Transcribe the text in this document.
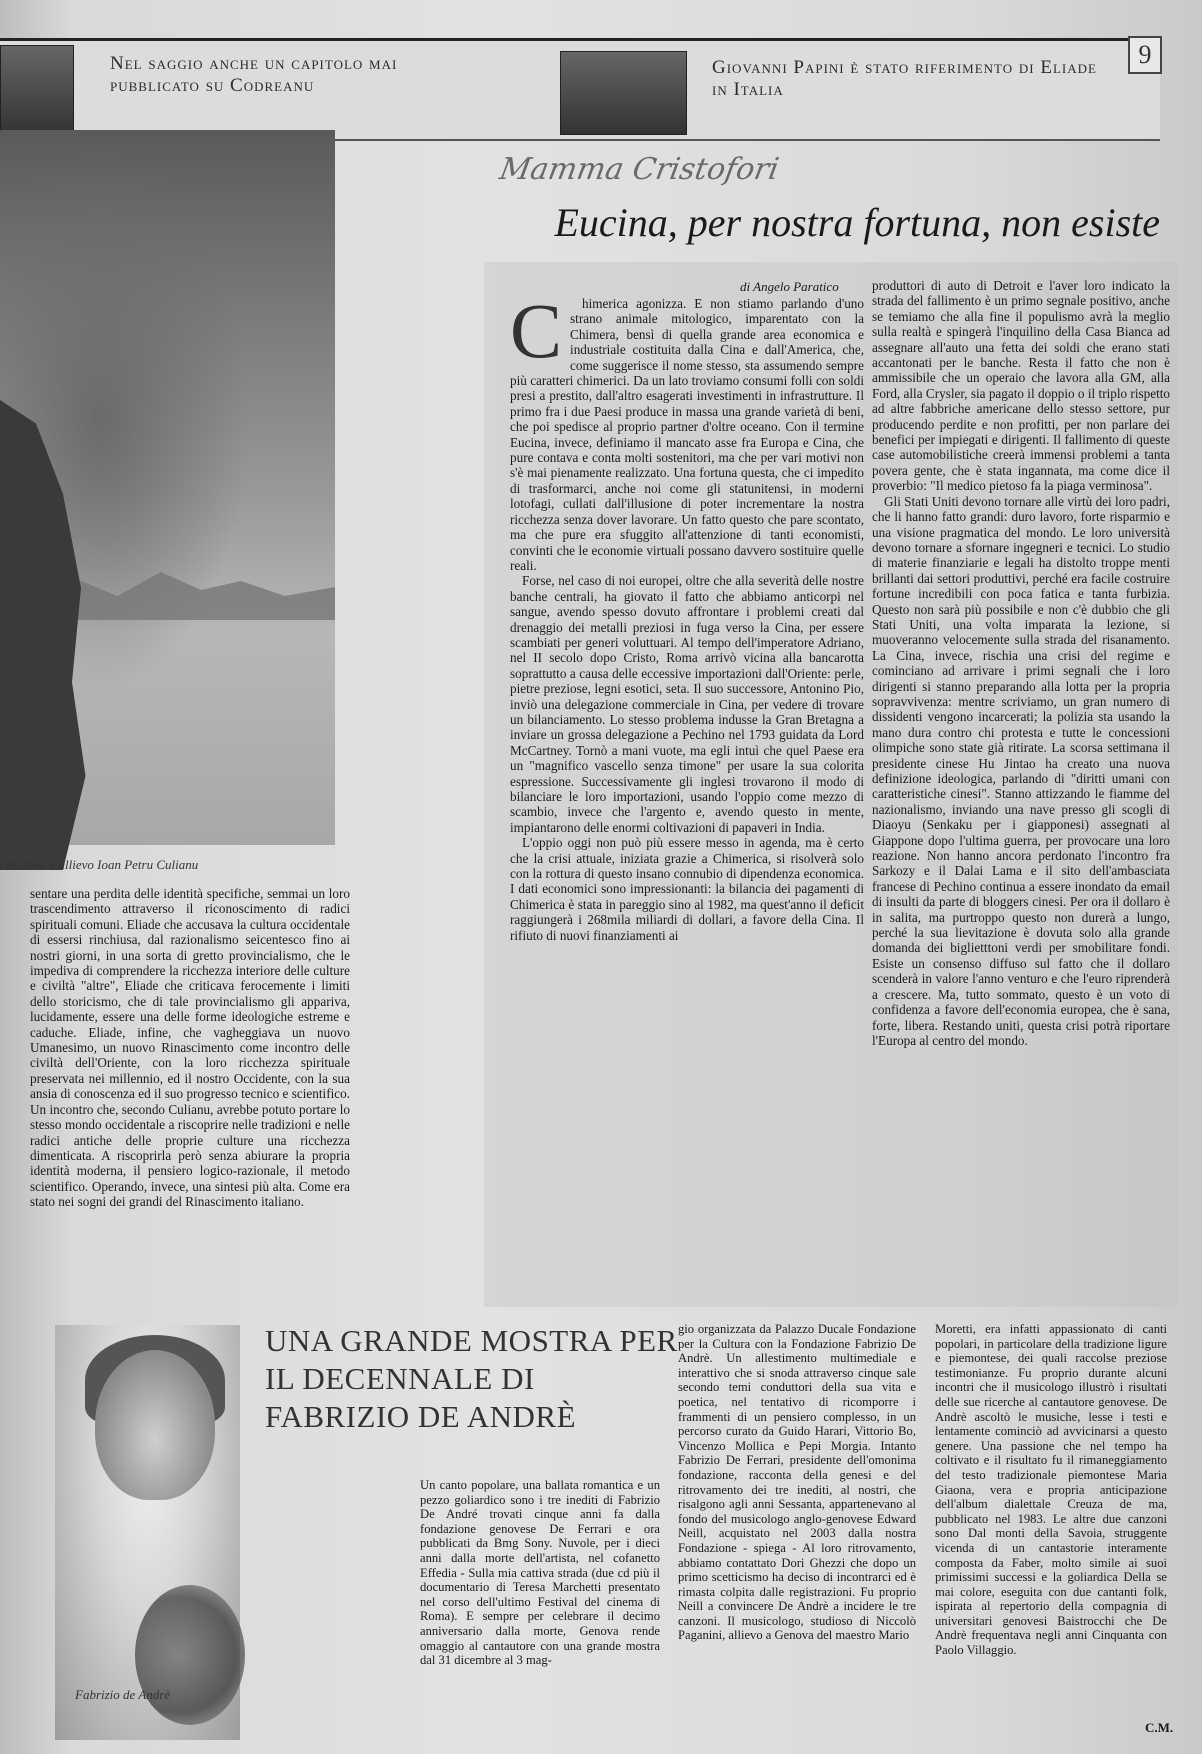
Nel saggio anche un capitolo mai pubblicato su Codreanu
Giovanni Papini è stato riferimento di Eliade in Italia
9
cittadino e allievo Ioan Petru Culianu

sentare una perdita delle identità specifiche, semmai un loro trascendimento attraverso il riconoscimento di radici spirituali comuni. Eliade che accusava la cultura occidentale di essersi rinchiusa, dal razionalismo seicentesco fino ai nostri giorni, in una sorta di gretto provincialismo, che le impediva di comprendere la ricchezza interiore delle culture e civiltà "altre", Eliade che criticava ferocemente i limiti dello storicismo, che di tale provincialismo gli appariva, lucidamente, essere una delle forme ideologiche estreme e caduche. Eliade, infine, che vagheggiava un nuovo Umanesimo, un nuovo Rinascimento come incontro delle civiltà dell'Oriente, con la loro ricchezza spirituale preservata nei millennio, ed il nostro Occidente, con la sua ansia di conoscenza ed il suo progresso tecnico e scientifico. Un incontro che, secondo Culianu, avrebbe potuto portare lo stesso mondo occidentale a riscoprire nelle tradizioni e nelle radici antiche delle proprie culture una ricchezza dimenticata. A riscoprirla però senza abiurare la propria identità moderna, il pensiero logico-razionale, il metodo scientifico. Operando, invece, una sintesi più alta. Come era stato nei sogni dei grandi del Rinascimento italiano.

Mamma Cristofori
Eucina, per nostra fortuna, non esiste
di Angelo Paratico
C	himerica agonizza. E non stiamo parlando d'uno strano animale mitologico, imparentato con la Chimera, bensì di quella grande area economica e industriale costituita dalla Cina e dall'America, che, come suggerisce il nome stesso, sta assumendo sempre più caratteri chimerici. Da un lato troviamo consumi folli con soldi presi a prestito, dall'altro esagerati investimenti in infrastrutture. Il primo fra i due Paesi produce in massa una grande varietà di beni, che poi spedisce al proprio partner d'oltre oceano. Con il termine Eucina, invece, definiamo il mancato asse fra Europa e Cina, che pure contava e conta molti sostenitori, ma che per vari motivi non s'è mai pienamente realizzato. Una fortuna questa, che ci impedito di trasformarci, anche noi come gli statunitensi, in moderni lotofagi, cullati dall'illusione di poter incrementare la nostra ricchezza senza dover lavorare. Un fatto questo che pare scontato, ma che pure era sfuggito all'attenzione di tanti economisti, convinti che le economie virtuali possano davvero sostituire quelle reali.

Forse, nel caso di noi europei, oltre che alla severità delle nostre banche centrali, ha giovato il fatto che abbiamo anticorpi nel sangue, avendo spesso dovuto affrontare i problemi creati dal drenaggio dei metalli preziosi in fuga verso la Cina, per essere scambiati per generi voluttuari. Al tempo dell'imperatore Adriano, nel II secolo dopo Cristo, Roma arrivò vicina alla bancarotta soprattutto a causa delle eccessive importazioni dall'Oriente: perle, pietre preziose, legni esotici, seta. Il suo successore, Antonino Pio, inviò una delegazione commerciale in Cina, per vedere di trovare un bilanciamento. Lo stesso problema indusse la Gran Bretagna a inviare un grossa delegazione a Pechino nel 1793 guidata da Lord McCartney. Tornò a mani vuote, ma egli intuì che quel Paese era un "magnifico vascello senza timone" per usare la sua colorita espressione. Successivamente gli inglesi trovarono il modo di bilanciare le loro importazioni, usando l'oppio come mezzo di scambio, invece che l'argento e, avendo questo in mente, impiantarono delle enormi coltivazioni di papaveri in India.

L'oppio oggi non può più essere messo in agenda, ma è certo che la crisi attuale, iniziata grazie a Chimerica, si risolverà solo con la rottura di questo insano connubio di dipendenza economica. I dati economici sono impressionanti: la bilancia dei pagamenti di Chimerica è stata in pareggio sino al 1982, ma quest'anno il deficit raggiungerà i 268mila miliardi di dollari, a favore della Cina. Il rifiuto di nuovi finanziamenti ai

produttori di auto di Detroit e l'aver loro indicato la strada del fallimento è un primo segnale positivo, anche se temiamo che alla fine il populismo avrà la meglio sulla realtà e spingerà l'inquilino della Casa Bianca ad assegnare all'auto una fetta dei soldi che erano stati accantonati per le banche. Resta il fatto che non è ammissibile che un operaio che lavora alla GM, alla Ford, alla Crysler, sia pagato il doppio o il triplo rispetto ad altre fabbriche americane dello stesso settore, pur producendo perdite e non profitti, per non parlare dei benefici per impiegati e dirigenti. Il fallimento di queste case automobilistiche creerà immensi problemi a tanta povera gente, che è stata ingannata, ma come dice il proverbio: "Il medico pietoso fa la piaga verminosa".

Gli Stati Uniti devono tornare alle virtù dei loro padri, che li hanno fatto grandi: duro lavoro, forte risparmio e una visione pragmatica del mondo. Le loro università devono tornare a sfornare ingegneri e tecnici. Lo studio di materie finanziarie e legali ha distolto troppe menti brillanti dai settori produttivi, perché era facile costruire fortune incredibili con poca fatica e tanta furbizia. Questo non sarà più possibile e non c'è dubbio che gli Stati Uniti, una volta imparata la lezione, si muoveranno velocemente sulla strada del risanamento. La Cina, invece, rischia una crisi del regime e cominciano ad arrivare i primi segnali che i loro dirigenti si stanno preparando alla lotta per la propria sopravvivenza: mentre scriviamo, un gran numero di dissidenti vengono incarcerati; la polizia sta usando la mano dura contro chi protesta e tutte le concessioni olimpiche sono state già ritirate. La scorsa settimana il presidente cinese Hu Jintao ha creato una nuova definizione ideologica, parlando di "diritti umani con caratteristiche cinesi". Stanno attizzando le fiamme del nazionalismo, inviando una nave presso gli scogli di Diaoyu (Senkaku per i giapponesi) assegnati al Giappone dopo l'ultima guerra, per provocare una loro reazione. Non hanno ancora perdonato l'incontro fra Sarkozy e il Dalai Lama e il sito dell'ambasciata francese di Pechino continua a essere inondato da email di insulti da parte di bloggers cinesi. Per ora il dollaro è in salita, ma purtroppo questo non durerà a lungo, perché la sua lievitazione è dovuta solo alla grande domanda dei biglietttoni verdi per smobilitare fondi. Esiste un consenso diffuso sul fatto che il dollaro scenderà in valore l'anno venturo e che l'euro riprenderà a crescere. Ma, tutto sommato, questo è un voto di confidenza a favore dell'economia europea, che è sana, forte, libera. Restando uniti, questa crisi potrà riportare l'Europa al centro del mondo.

Fabrizio de Andrè
UNA GRANDE MOSTRA PER IL DECENNALE DI FABRIZIO DE ANDRÈ

Un canto popolare, una ballata romantica e un pezzo goliardico sono i tre inediti di Fabrizio De André trovati cinque anni fa dalla fondazione genovese De Ferrari e ora pubblicati da Bmg Sony. Nuvole, per i dieci anni dalla morte dell'artista, nel cofanetto Effedia - Sulla mia cattiva strada (due cd più il documentario di Teresa Marchetti presentato nel corso dell'ultimo Festival del cinema di Roma). E sempre per celebrare il decimo anniversario dalla morte, Genova rende omaggio al cantautore con una grande mostra dal 31 dicembre al 3 mag-

gio organizzata da Palazzo Ducale Fondazione per la Cultura con la Fondazione Fabrizio De Andrè. Un allestimento multimediale e interattivo che si snoda attraverso cinque sale secondo temi conduttori della sua vita e poetica, nel tentativo di ricomporre i frammenti di un pensiero complesso, in un percorso curato da Guido Harari, Vittorio Bo, Vincenzo Mollica e Pepi Morgia. Intanto Fabrizio De Ferrari, presidente dell'omonima fondazione, racconta della genesi e del ritrovamento dei tre inediti, al nostri, che risalgono agli anni Sessanta, appartenevano al fondo del musicologo anglo-genovese Edward Neill, acquistato nel 2003 dalla nostra Fondazione - spiega - Al loro ritrovamento, abbiamo contattato Dori Ghezzi che dopo un primo scetticismo ha deciso di incontrarci ed è rimasta colpita dalle registrazioni. Fu proprio Neill a convincere De Andrè a incidere le tre canzoni. Il musicologo, studioso di Niccolò Paganini, allievo a Genova del maestro Mario

Moretti, era infatti appassionato di canti popolari, in particolare della tradizione ligure e piemontese, dei quali raccolse preziose testimonianze. Fu proprio durante alcuni incontri che il musicologo illustrò i risultati delle sue ricerche al cantautore genovese. De Andrè ascoltò le musiche, lesse i testi e lentamente cominciò ad avvicinarsi a questo genere. Una passione che nel tempo ha coltivato e il risultato fu il rimaneggiamento del testo tradizionale piemontese Maria Giaona, vera e propria anticipazione dell'album dialettale Creuza de ma, pubblicato nel 1983. Le altre due canzoni sono Dal monti della Savoia, struggente vicenda di un cantastorie interamente composta da Faber, molto simile ai suoi primissimi successi e la goliardica Della se mai colore, eseguita con due cantanti folk, ispirata al repertorio della compagnia di universitari genovesi Baistrocchi che De Andrè frequentava negli anni Cinquanta con Paolo Villaggio.

C.M.
